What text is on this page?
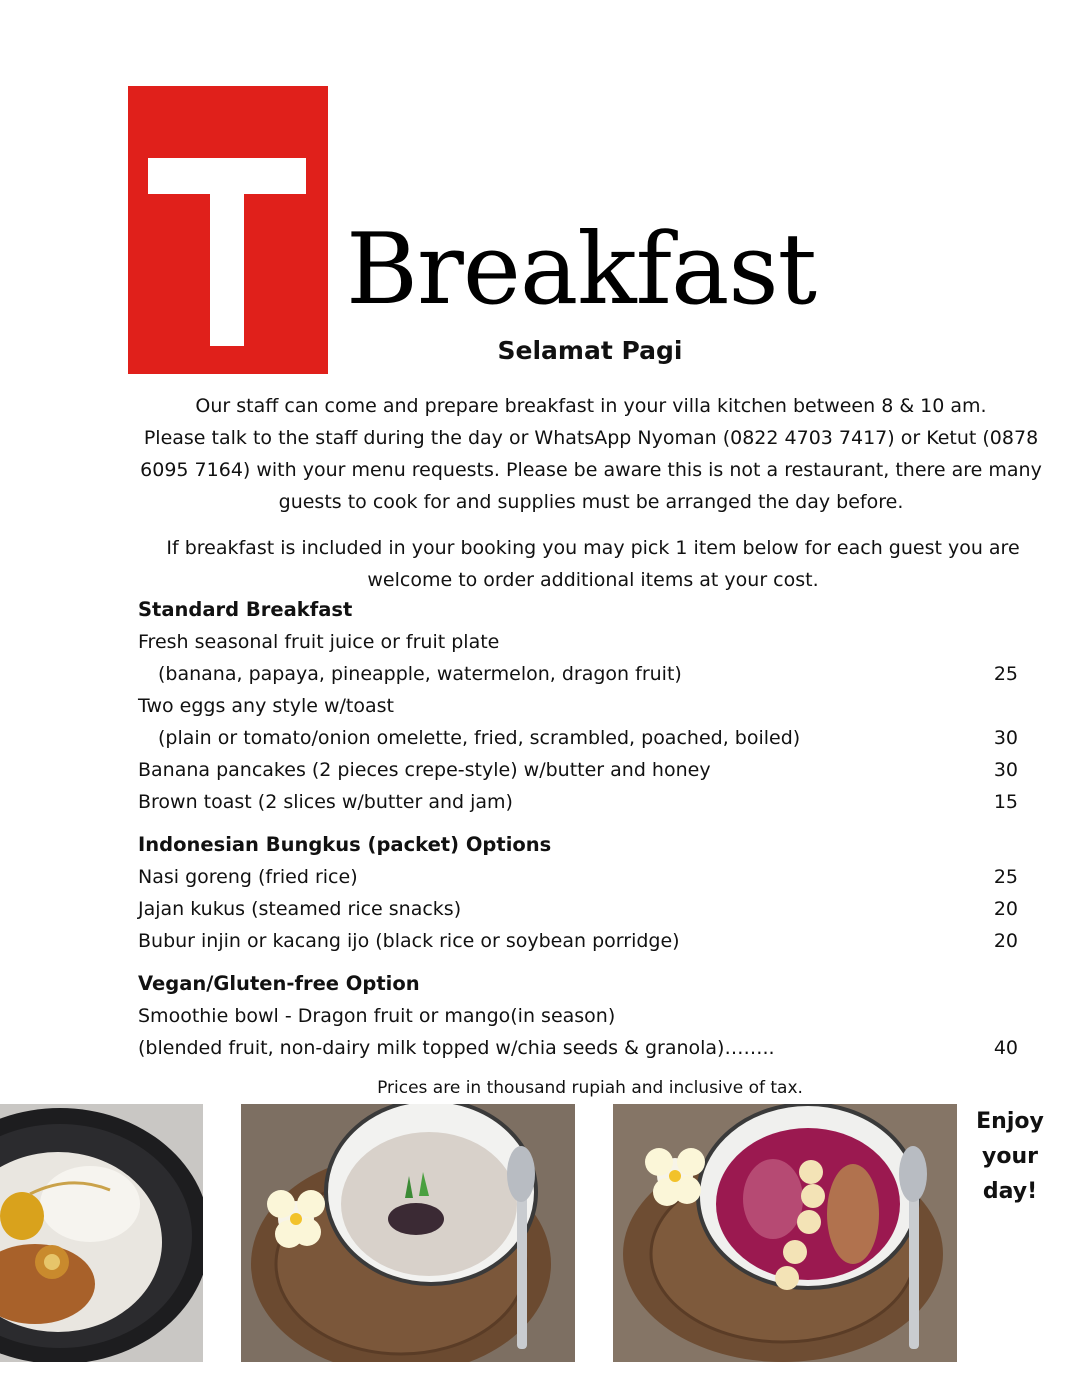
Breakfast
Selamat Pagi

Our staff can come and prepare breakfast in your villa kitchen between 8 & 10 am.

Please talk to the staff during the day or WhatsApp Nyoman (0822 4703 7417) or Ketut (0878 6095 7164) with your menu requests. Please be aware this is not a restaurant, there are many guests to cook for and supplies must be arranged the day before.

If breakfast is included in your booking you may pick 1 item below for each guest you are welcome to order additional items at your cost.

Standard Breakfast

Fresh seasonal fruit juice or fruit plate
(banana, papaya, pineapple, watermelon, dragon fruit)	25
Two eggs any style w/toast
(plain or tomato/onion omelette, fried, scrambled, poached, boiled)	30
Banana pancakes (2 pieces crepe-style) w/butter and honey	30
Brown toast (2 slices w/butter and jam)	15

Indonesian Bungkus (packet) Options

Nasi goreng (fried rice)	25
Jajan kukus (steamed rice snacks)	20
Bubur injin or kacang ijo (black rice or soybean porridge)	20

Vegan/Gluten-free Option

Smoothie bowl - Dragon fruit or mango(in season)
(blended fruit, non-dairy milk topped w/chia seeds & granola)……..	40
Prices are in thousand rupiah and inclusive of tax.
Enjoy
your
day!
